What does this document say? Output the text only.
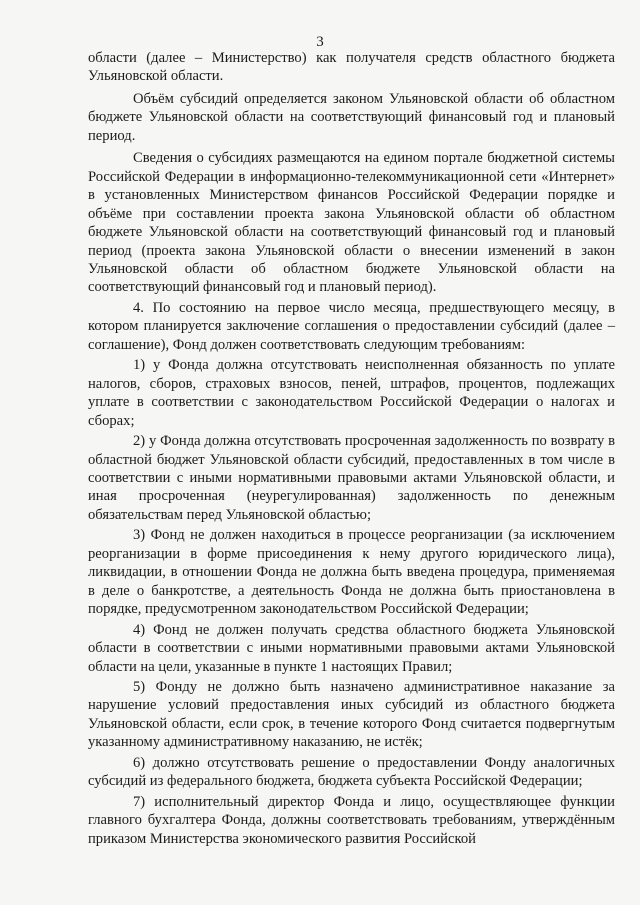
3

области (далее – Министерство) как получателя средств областного бюджета Ульяновской области.

Объём субсидий определяется законом Ульяновской области об областном бюджете Ульяновской области на соответствующий финансовый год и плановый период.

Сведения о субсидиях размещаются на едином портале бюджетной системы Российской Федерации в информационно-телекоммуникационной сети «Интернет» в установленных Министерством финансов Российской Федерации порядке и объёме при составлении проекта закона Ульяновской области об областном бюджете Ульяновской области на соответствующий финансовый год и плановый период (проекта закона Ульяновской области о внесении изменений в закон Ульяновской области об областном бюджете Ульяновской области на соответствующий финансовый год и плановый период).

4. По состоянию на первое число месяца, предшествующего месяцу, в котором планируется заключение соглашения о предоставлении субсидий (далее – соглашение), Фонд должен соответствовать следующим требованиям:

1) у Фонда должна отсутствовать неисполненная обязанность по уплате налогов, сборов, страховых взносов, пеней, штрафов, процентов, подлежащих уплате в соответствии с законодательством Российской Федерации о налогах и сборах;

2) у Фонда должна отсутствовать просроченная задолженность по возврату в областной бюджет Ульяновской области субсидий, предоставленных в том числе в соответствии с иными нормативными правовыми актами Ульяновской области, и иная просроченная (неурегулированная) задолженность по денежным обязательствам перед Ульяновской областью;

3) Фонд не должен находиться в процессе реорганизации (за исключением реорганизации в форме присоединения к нему другого юридического лица), ликвидации, в отношении Фонда не должна быть введена процедура, применяемая в деле о банкротстве, а деятельность Фонда не должна быть приостановлена в порядке, предусмотренном законодательством Российской Федерации;

4) Фонд не должен получать средства областного бюджета Ульяновской области в соответствии с иными нормативными правовыми актами Ульяновской области на цели, указанные в пункте 1 настоящих Правил;

5) Фонду не должно быть назначено административное наказание за нарушение условий предоставления иных субсидий из областного бюджета Ульяновской области, если срок, в течение которого Фонд считается подвергнутым указанному административному наказанию, не истёк;

6) должно отсутствовать решение о предоставлении Фонду аналогичных субсидий из федерального бюджета, бюджета субъекта Российской Федерации;

7) исполнительный директор Фонда и лицо, осуществляющее функции главного бухгалтера Фонда, должны соответствовать требованиям, утверждённым приказом Министерства экономического развития Российской
